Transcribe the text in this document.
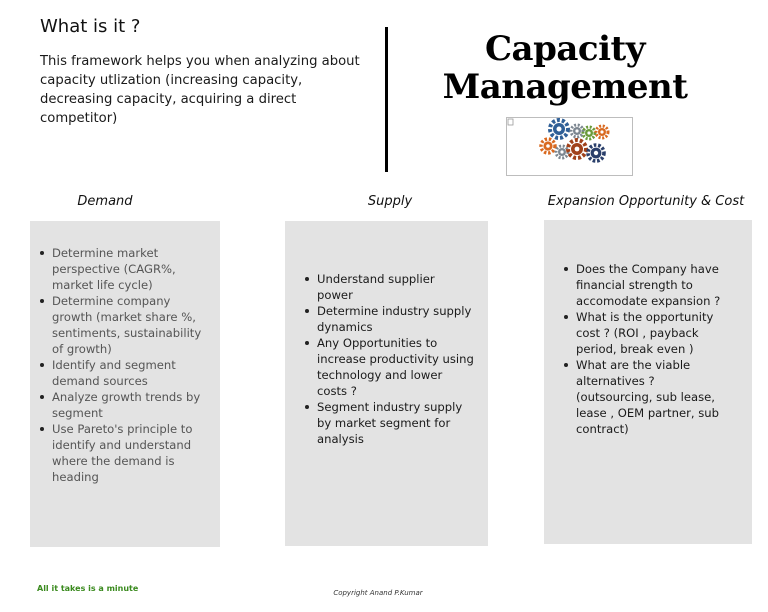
What is it ?

This framework helps you when analyzing about capacity utlization (increasing capacity, decreasing capacity, acquiring a direct competitor)

Capacity
Management
Demand	Supply	Expansion Opportunity & Cost
Determine market perspective (CAGR%, market life cycle)
Determine company growth (market share %, sentiments, sustainability of growth)
Identify and segment demand sources
Analyze growth trends by segment
Use Pareto's principle to identify and understand where the demand is heading
Understand supplier power
Determine industry supply dynamics
Any Opportunities to increase productivity using technology and lower costs ?
Segment industry supply by market segment for analysis
Does the Company have financial strength to accomodate expansion ?
What is the opportunity cost ? (ROI , payback period, break even )
What are the viable alternatives ? (outsourcing, sub lease, lease , OEM partner, sub contract)

All it takes is a minute	Copyright Anand P.Kumar
